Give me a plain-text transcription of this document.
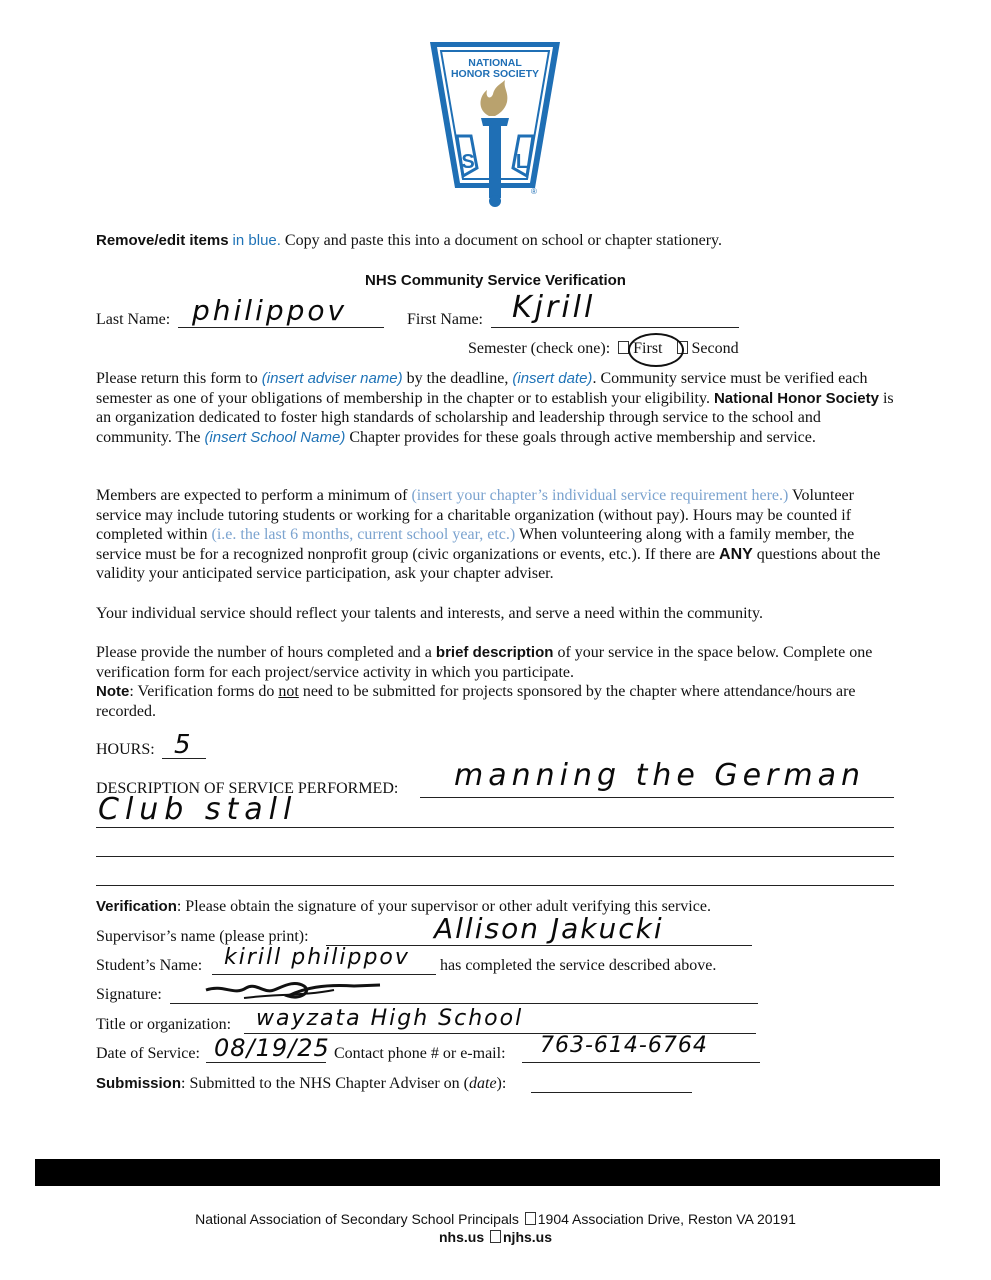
NATIONAL
HONOR SOCIETY
S L
®
Remove/edit items in blue. Copy and paste this into a document on school or chapter stationery.
NHS Community Service Verification
Last Name: philippov	First Name: Kjrill
Semester (check one): First Second
Please return this form to (insert adviser name) by the deadline, (insert date). Community service must be verified each semester as one of your obligations of membership in the chapter or to establish your eligibility. National Honor Society is an organization dedicated to foster high standards of scholarship and leadership through service to the school and community. The (insert School Name) Chapter provides for these goals through active membership and service.
Members are expected to perform a minimum of (insert your chapter’s individual service requirement here.) Volunteer service may include tutoring students or working for a charitable organization (without pay). Hours may be counted if completed within (i.e. the last 6 months, current school year, etc.) When volunteering along with a family member, the service must be for a recognized nonprofit group (civic organizations or events, etc.). If there are ANY questions about the validity your anticipated service participation, ask your chapter adviser.
Your individual service should reflect your talents and interests, and serve a need within the community.
Please provide the number of hours completed and a brief description of your service in the space below. Complete one verification form for each project/service activity in which you participate.
Note: Verification forms do not need to be submitted for projects sponsored by the chapter where attendance/hours are recorded.
HOURS: 5
DESCRIPTION OF SERVICE PERFORMED: manning the German
Club stall
Verification: Please obtain the signature of your supervisor or other adult verifying this service.
Supervisor’s name (please print):	Allison Jakucki
Student’s Name: kirill philippov has completed the service described above.
Signature:
Title or organization: wayzata High School
Date of Service: 08/19/25 Contact phone # or e-mail: 763-614-6764
Submission: Submitted to the NHS Chapter Adviser on (date):
National Association of Secondary School Principals 1904 Association Drive, Reston VA 20191
nhs.us njhs.us
